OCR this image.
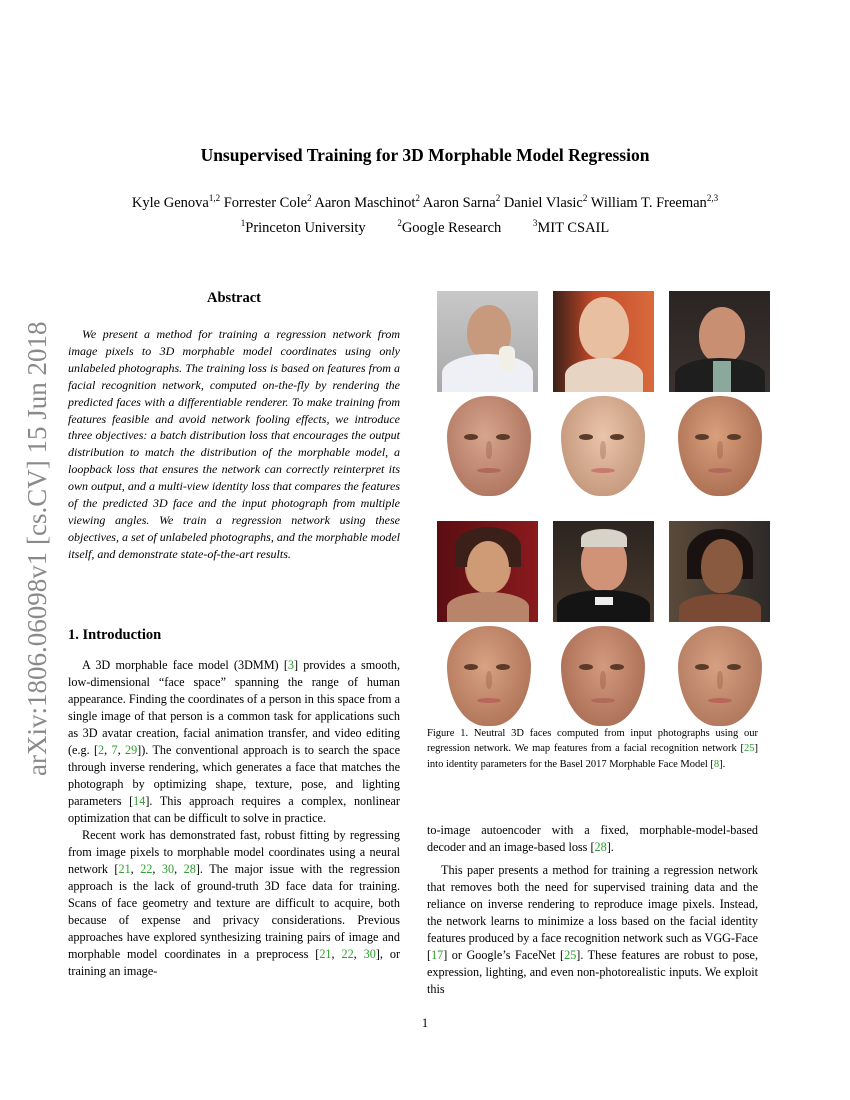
Unsupervised Training for 3D Morphable Model Regression
Kyle Genova$^{1,2}$ Forrester Cole$^2$ Aaron Maschinot$^2$ Aaron Sarna$^2$ Daniel Vlasic$^2$ William T. Freeman$^{2,3}$
$^1$Princeton University	$^2$Google Research	$^3$MIT CSAIL
arXiv:1806.06098v1 [cs.CV] 15 Jun 2018
Abstract
We present a method for training a regression network from image pixels to 3D morphable model coordinates using only unlabeled photographs. The training loss is based on features from a facial recognition network, computed on-the-fly by rendering the predicted faces with a differentiable renderer. To make training from features feasible and avoid network fooling effects, we introduce three objectives: a batch distribution loss that encourages the output distribution to match the distribution of the morphable model, a loopback loss that ensures the network can correctly reinterpret its own output, and a multi-view identity loss that compares the features of the predicted 3D face and the input photograph from multiple viewing angles. We train a regression network using these objectives, a set of unlabeled photographs, and the morphable model itself, and demonstrate state-of-the-art results.
1. Introduction

A 3D morphable face model (3DMM) [3] provides a smooth, low-dimensional “face space” spanning the range of human appearance. Finding the coordinates of a person in this space from a single image of that person is a common task for applications such as 3D avatar creation, facial animation transfer, and video editing (e.g. [2, 7, 29]). The conventional approach is to search the space through inverse rendering, which generates a face that matches the photograph by optimizing shape, texture, pose, and lighting parameters [14]. This approach requires a complex, nonlinear optimization that can be difficult to solve in practice.

Recent work has demonstrated fast, robust fitting by regressing from image pixels to morphable model coordinates using a neural network [21, 22, 30, 28]. The major issue with the regression approach is the lack of ground-truth 3D face data for training. Scans of face geometry and texture are difficult to acquire, both because of expense and privacy considerations. Previous approaches have explored synthesizing training pairs of image and morphable model coordinates in a preprocess [21, 22, 30], or training an image-

Figure 1. Neutral 3D faces computed from input photographs using our regression network. We map features from a facial recognition network [25] into identity parameters for the Basel 2017 Morphable Face Model [8].

to-image autoencoder with a fixed, morphable-model-based decoder and an image-based loss [28].

This paper presents a method for training a regression network that removes both the need for supervised training data and the reliance on inverse rendering to reproduce image pixels. Instead, the network learns to minimize a loss based on the facial identity features produced by a face recognition network such as VGG-Face [17] or Google’s FaceNet [25]. These features are robust to pose, expression, lighting, and even non-photorealistic inputs. We exploit this

1
